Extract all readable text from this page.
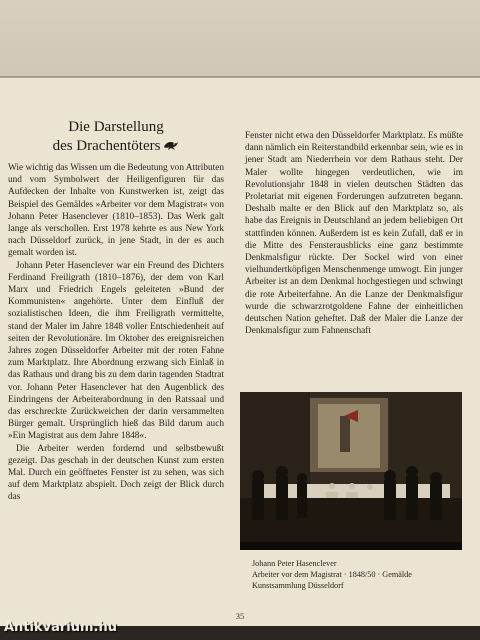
Die Darstellung
des Drachentöters

Wie wichtig das Wissen um die Bedeutung von Attributen und vom Symbolwert der Heiligenfiguren für das Aufdecken der Inhalte von Kunstwerken ist, zeigt das Beispiel des Gemäldes »Arbeiter vor dem Magistrat« von Johann Peter Hasenclever (1810–1853). Das Werk galt lange als verschollen. Erst 1978 kehrte es aus New York nach Düsseldorf zurück, in jene Stadt, in der es auch gemalt worden ist.

Johann Peter Hasenclever war ein Freund des Dichters Ferdinand Freiligrath (1810–1876), der dem von Karl Marx und Friedrich Engels geleiteten »Bund der Kommunisten« angehörte. Unter dem Einfluß der sozialistischen Ideen, die ihm Freiligrath vermittelte, stand der Maler im Jahre 1848 voller Entschiedenheit auf seiten der Revolutionäre. Im Oktober des ereignisreichen Jahres zogen Düsseldorfer Arbeiter mit der roten Fahne zum Marktplatz. Ihre Abordnung erzwang sich Einlaß in das Rathaus und drang bis zu dem darin tagenden Stadtrat vor. Johann Peter Hasenclever hat den Augenblick des Eindringens der Arbeiterabordnung in den Ratssaal und das erschreckte Zurückweichen der darin versammelten Bürger gemalt. Ursprünglich hieß das Bild darum auch »Ein Magistrat aus dem Jahre 1848«.

Die Arbeiter werden fordernd und selbstbewußt gezeigt. Das geschah in der deutschen Kunst zum ersten Mal. Durch ein geöffnetes Fenster ist zu sehen, was sich auf dem Marktplatz abspielt. Doch zeigt der Blick durch das

Fenster nicht etwa den Düsseldorfer Marktplatz. Es müßte dann nämlich ein Reiterstandbild erkennbar sein, wie es in jener Stadt am Niederrhein vor dem Rathaus steht. Der Maler wollte hingegen verdeutlichen, wie im Revolutionsjahr 1848 in vielen deutschen Städten das Proletariat mit eigenen Forderungen aufzutreten begann. Deshalb malte er den Blick auf den Marktplatz so, als habe das Ereignis in Deutschland an jedem beliebigen Ort stattfinden können. Außerdem ist es kein Zufall, daß er in die Mitte des Fensterausblicks eine ganz bestimmte Denkmalsfigur rückte. Der Sockel wird von einer vielhundertköpfigen Menschenmenge umwogt. Ein junger Arbeiter ist an dem Denkmal hochgestiegen und schwingt die rote Arbeiterfahne. An die Lanze der Denkmalsfigur wurde die schwarzrotgoldene Fahne der einheitlichen deutschen Nation geheftet. Daß der Maler die Lanze der Denkmalsfigur zum Fahnenschaft

Johann Peter Hasenclever
Arbeiter vor dem Magistrat · 1848/50 · Gemälde
Kunstsammlung Düsseldorf
35
Antikvarium.hu
